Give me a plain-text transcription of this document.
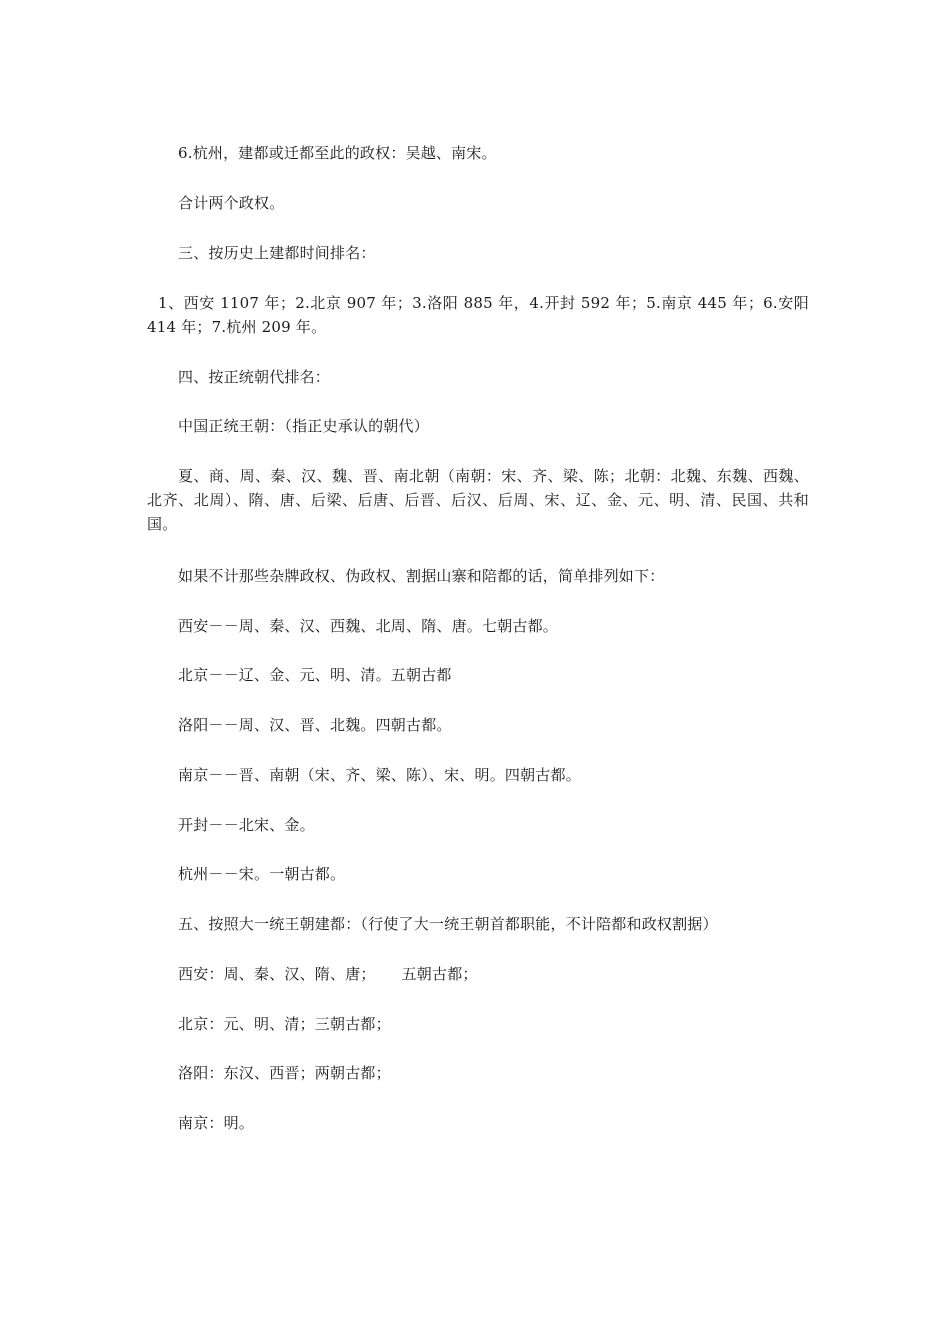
6.杭州，建都或迁都至此的政权：吴越、南宋。
合计两个政权。
三、按历史上建都时间排名：
1、西安 1107 年；2.北京 907 年；3.洛阳 885 年，4.开封 592 年；5.南京 445 年；6.安阳 414 年；7.杭州 209 年。
四、按正统朝代排名：
中国正统王朝：（指正史承认的朝代）
夏、商、周、秦、汉、魏、晋、南北朝（南朝：宋、齐、梁、陈；北朝：北魏、东魏、西魏、北齐、北周）、隋、唐、后梁、后唐、后晋、后汉、后周、宋、辽、金、元、明、清、民国、共和国。
如果不计那些杂牌政权、伪政权、割据山寨和陪都的话，简单排列如下：
西安－－周、秦、汉、西魏、北周、隋、唐。七朝古都。
北京－－辽、金、元、明、清。五朝古都
洛阳－－周、汉、晋、北魏。四朝古都。
南京－－晋、南朝（宋、齐、梁、陈）、宋、明。四朝古都。
开封－－北宋、金。
杭州－－宋。一朝古都。
五、按照大一统王朝建都：（行使了大一统王朝首都职能，不计陪都和政权割据）
西安：周、秦、汉、隋、唐； 五朝古都；
北京：元、明、清；三朝古都；
洛阳：东汉、西晋；两朝古都；
南京：明。
